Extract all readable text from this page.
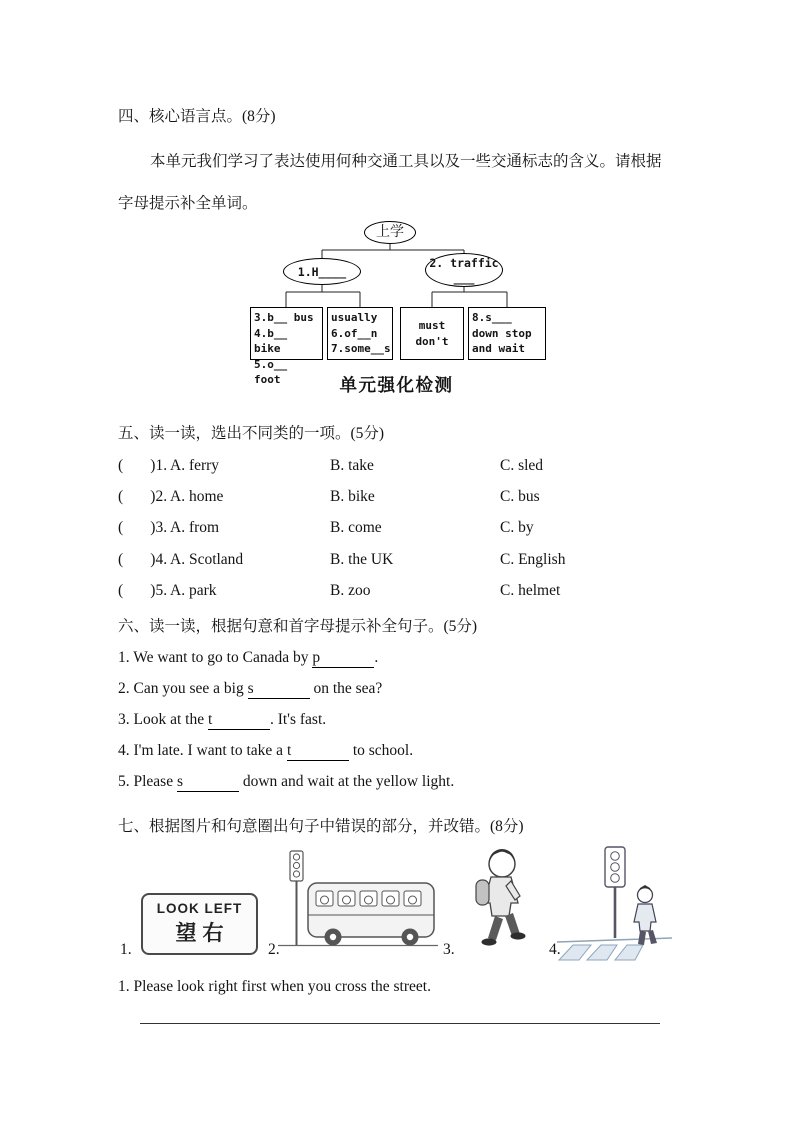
四、核心语言点。(8分)
本单元我们学习了表达使用何种交通工具以及一些交通标志的含义。请根据
字母提示补全单词。
上学
1.H____
2. traffic
___
3.b__ bus
4.b__ bike
5.o__ foot
usually
6.of__n
7.some__s
must
don't
8.s___
down stop
and wait
单元强化检测
五、读一读，选出不同类的一项。(5分)
(       )1. A. ferry	B. take	C. sled
(       )2. A. home	B. bike	C. bus
(       )3. A. from	B. come	C. by
(       )4. A. Scotland	B. the UK	C. English
(       )5. A. park	B. zoo	C. helmet
六、读一读，根据句意和首字母提示补全句子。(5分)
1. We want to go to Canada by p	.
2. Can you see a big s	on the sea?
3. Look at the t	. It's fast.
4. I'm late. I want to take a t	to school.
5. Please s	down and wait at the yellow light.
七、根据图片和句意圈出句子中错误的部分，并改错。(8分)
LOOK LEFT
望右
1.	2.	3.	4.
1. Please look right first when you cross the street.
